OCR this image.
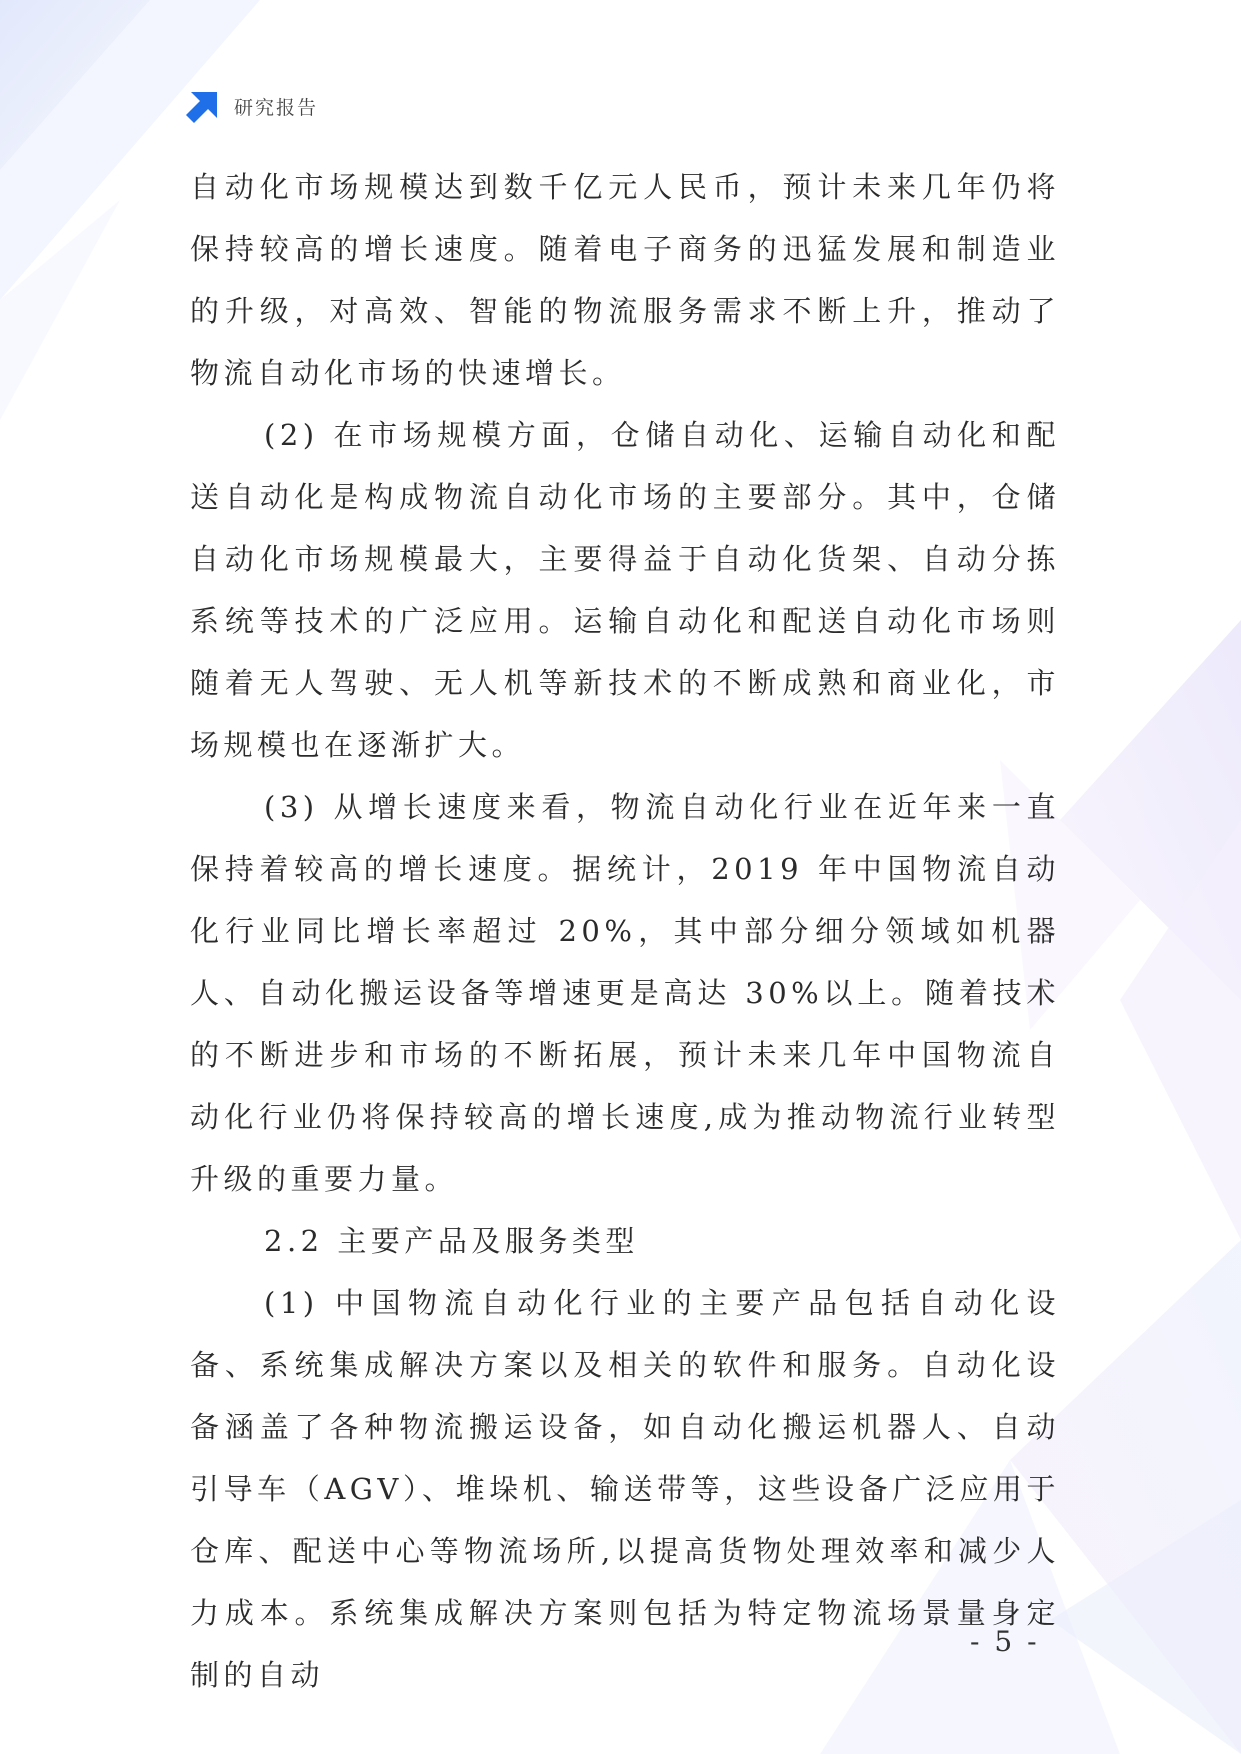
研究报告

自动化市场规模达到数千亿元人民币，预计未来几年仍将保持较高的增长速度。随着电子商务的迅猛发展和制造业的升级，对高效、智能的物流服务需求不断上升，推动了物流自动化市场的快速增长。

(2) 在市场规模方面，仓储自动化、运输自动化和配送自动化是构成物流自动化市场的主要部分。其中，仓储自动化市场规模最大，主要得益于自动化货架、自动分拣系统等技术的广泛应用。运输自动化和配送自动化市场则随着无人驾驶、无人机等新技术的不断成熟和商业化，市场规模也在逐渐扩大。

(3) 从增长速度来看，物流自动化行业在近年来一直保持着较高的增长速度。据统计，2019 年中国物流自动化行业同比增长率超过 20%，其中部分细分领域如机器人、自动化搬运设备等增速更是高达 30%以上。随着技术的不断进步和市场的不断拓展，预计未来几年中国物流自动化行业仍将保持较高的增长速度,成为推动物流行业转型升级的重要力量。

2.2 主要产品及服务类型

(1) 中国物流自动化行业的主要产品包括自动化设备、系统集成解决方案以及相关的软件和服务。自动化设备涵盖了各种物流搬运设备，如自动化搬运机器人、自动引导车（AGV）、堆垛机、输送带等，这些设备广泛应用于仓库、配送中心等物流场所,以提高货物处理效率和减少人力成本。系统集成解决方案则包括为特定物流场景量身定制的自动

- 5 -
